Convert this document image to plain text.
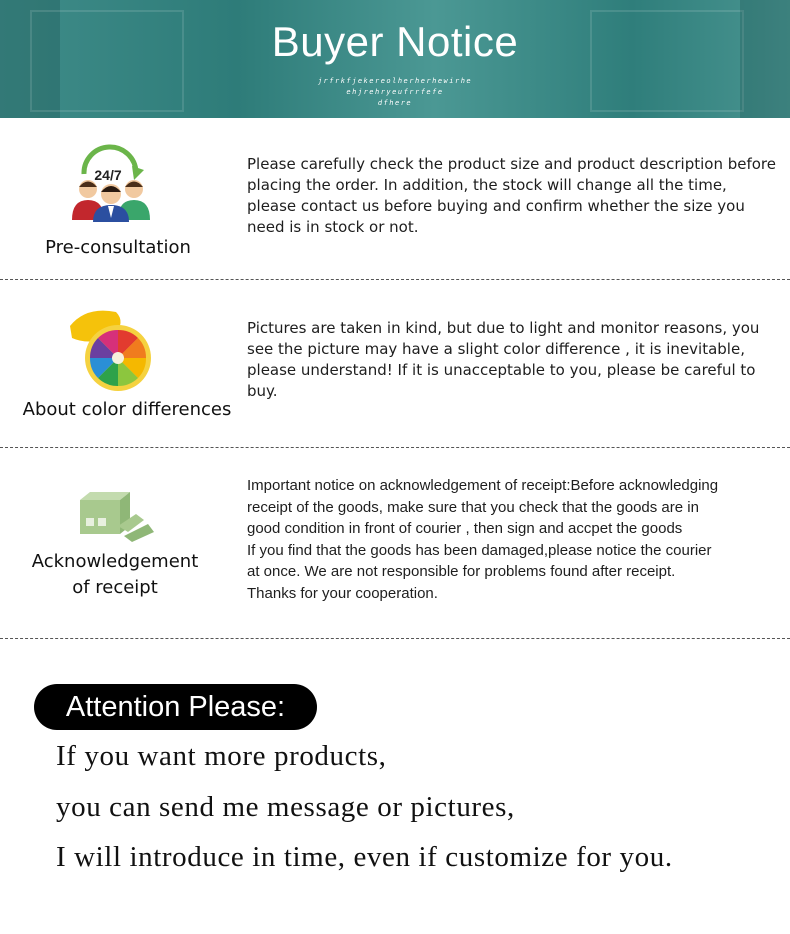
Buyer Notice
jrfrkfjekereolherherhewirhe
ehjrehryeufrrfefe
dfhere
24/7
Pre-consultation

Please carefully check the product size and product description before placing the order. In addition, the stock will change all the time, please contact us before buying and confirm whether the size you need is in stock or not.

About color differences

Pictures are taken in kind, but due to light and monitor reasons, you see the picture may have a slight color difference , it is inevitable, please understand! If it is unacceptable to you, please be careful to buy.

Acknowledgement
of receipt
Important notice on acknowledgement of receipt:Before acknowledging
receipt of the goods, make sure that you check that the goods are in
good condition in front of courier , then sign and accpet the goods
If you find that the goods has been damaged,please notice the courier
at once. We are not responsible for problems found after receipt.
Thanks for your cooperation.
Attention Please:
If you want more products,
you can send me message or pictures,
I will introduce in time, even if customize for you.
